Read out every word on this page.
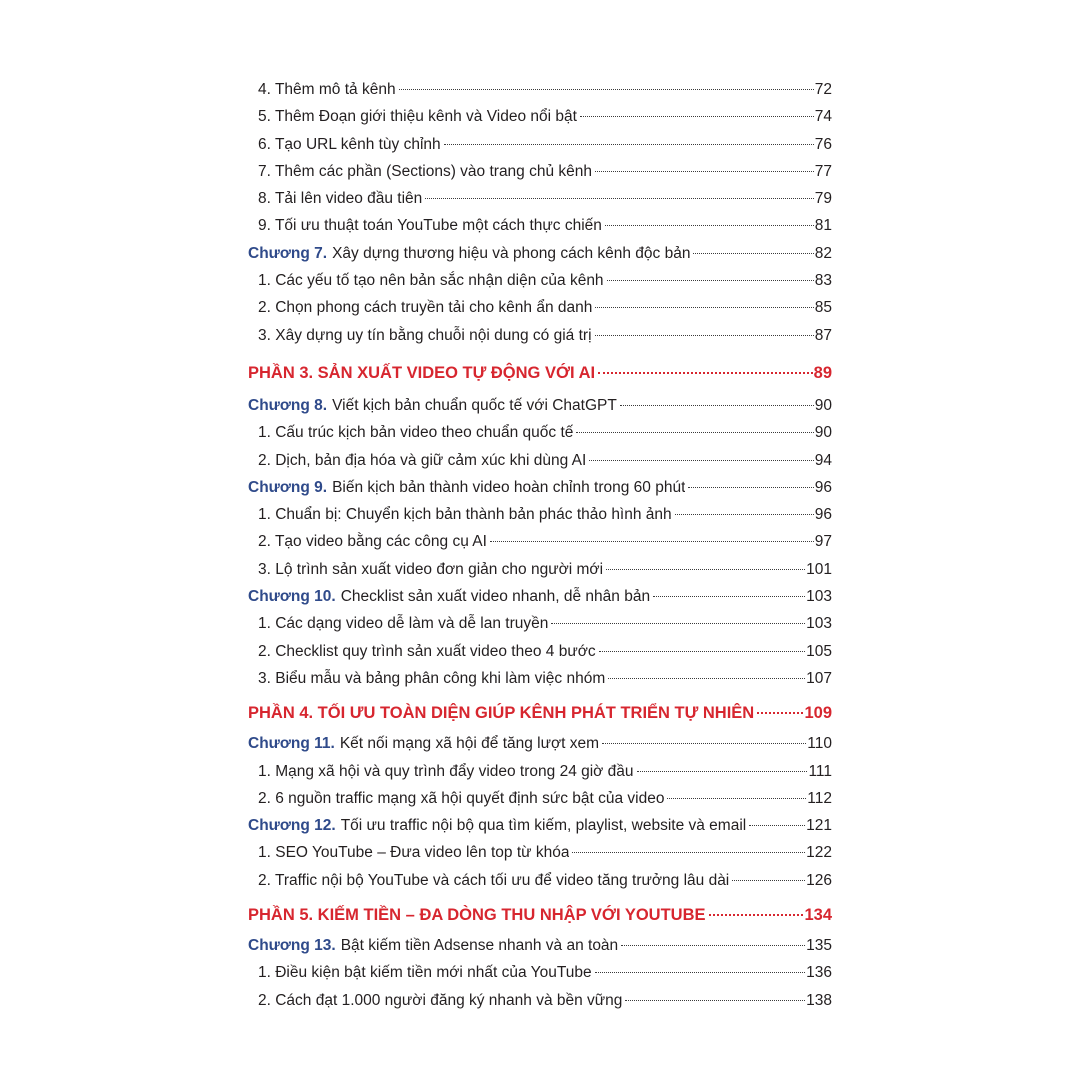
4. Thêm mô tả kênh	72
5. Thêm Đoạn giới thiệu kênh và Video nổi bật	74
6. Tạo URL kênh tùy chỉnh	76
7. Thêm các phần (Sections) vào trang chủ kênh	77
8. Tải lên video đầu tiên	79
9. Tối ưu thuật toán YouTube một cách thực chiến	81
Chương 7. Xây dựng thương hiệu và phong cách kênh độc bản	82
1. Các yếu tố tạo nên bản sắc nhận diện của kênh	83
2. Chọn phong cách truyền tải cho kênh ẩn danh	85
3. Xây dựng uy tín bằng chuỗi nội dung có giá trị	87
PHẦN 3. SẢN XUẤT VIDEO TỰ ĐỘNG VỚI AI	89
Chương 8. Viết kịch bản chuẩn quốc tế với ChatGPT	90
1. Cấu trúc kịch bản video theo chuẩn quốc tế	90
2. Dịch, bản địa hóa và giữ cảm xúc khi dùng AI	94
Chương 9. Biến kịch bản thành video hoàn chỉnh trong 60 phút	96
1. Chuẩn bị: Chuyển kịch bản thành bản phác thảo hình ảnh	96
2. Tạo video bằng các công cụ AI	97
3. Lộ trình sản xuất video đơn giản cho người mới	101
Chương 10. Checklist sản xuất video nhanh, dễ nhân bản	103
1. Các dạng video dễ làm và dễ lan truyền	103
2. Checklist quy trình sản xuất video theo 4 bước	105
3. Biểu mẫu và bảng phân công khi làm việc nhóm	107
PHẦN 4. TỐI ƯU TOÀN DIỆN GIÚP KÊNH PHÁT TRIỂN TỰ NHIÊN	109
Chương 11. Kết nối mạng xã hội để tăng lượt xem	110
1. Mạng xã hội và quy trình đẩy video trong 24 giờ đầu	111
2. 6 nguồn traffic mạng xã hội quyết định sức bật của video	112
Chương 12. Tối ưu traffic nội bộ qua tìm kiếm, playlist, website và email	121
1. SEO YouTube – Đưa video lên top từ khóa	122
2. Traffic nội bộ YouTube và cách tối ưu để video tăng trưởng lâu dài	126
PHẦN 5. KIẾM TIỀN – ĐA DÒNG THU NHẬP VỚI YOUTUBE	134
Chương 13. Bật kiếm tiền Adsense nhanh và an toàn	135
1. Điều kiện bật kiếm tiền mới nhất của YouTube	136
2. Cách đạt 1.000 người đăng ký nhanh và bền vững	138
